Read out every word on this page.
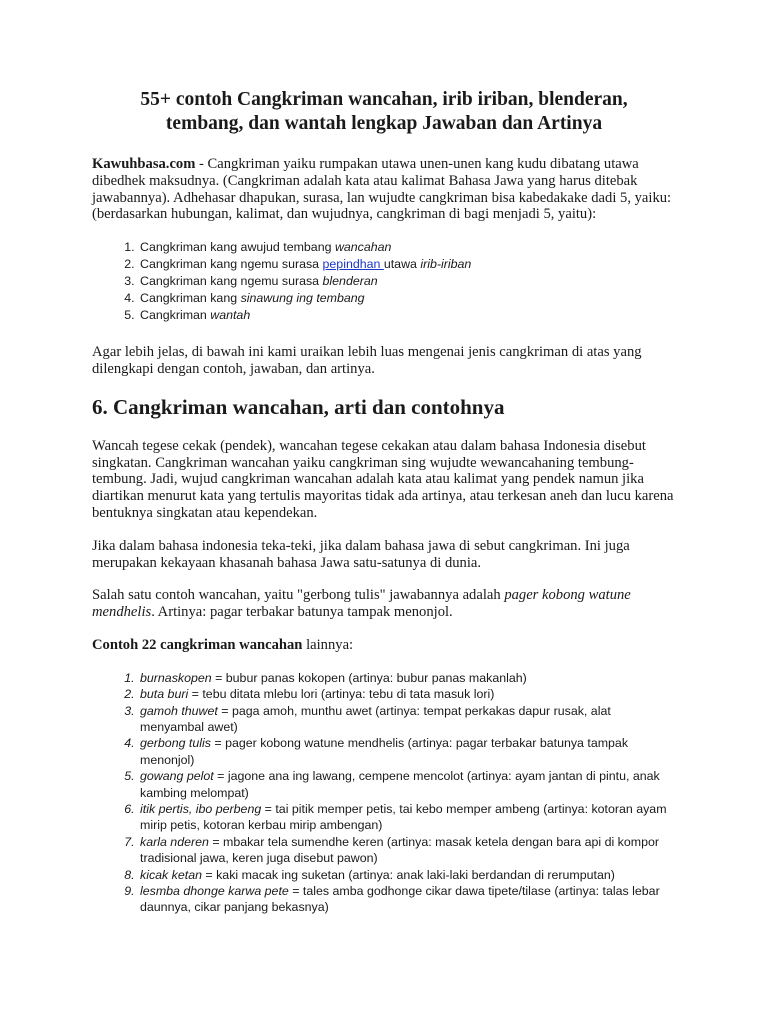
55+ contoh Cangkriman wancahan, irib iriban, blenderan,
tembang, dan wantah lengkap Jawaban dan Artinya

Kawuhbasa.com - Cangkriman yaiku rumpakan utawa unen-unen kang kudu dibatang utawa dibedhek maksudnya. (Cangkriman adalah kata atau kalimat Bahasa Jawa yang harus ditebak jawabannya). Adhehasar dhapukan, surasa, lan wujudte cangkriman bisa kabedakake dadi 5, yaiku: (berdasarkan hubungan, kalimat, dan wujudnya, cangkriman di bagi menjadi 5, yaitu):

1. Cangkriman kang awujud tembang wancahan
2. Cangkriman kang ngemu surasa pepindhan utawa irib-iriban
3. Cangkriman kang ngemu surasa blenderan
4. Cangkriman kang sinawung ing tembang
5. Cangkriman wantah

Agar lebih jelas, di bawah ini kami uraikan lebih luas mengenai jenis cangkriman di atas yang dilengkapi dengan contoh, jawaban, dan artinya.

6. Cangkriman wancahan, arti dan contohnya

Wancah tegese cekak (pendek), wancahan tegese cekakan atau dalam bahasa Indonesia disebut singkatan. Cangkriman wancahan yaiku cangkriman sing wujudte wewancahaning tembung-tembung. Jadi, wujud cangkriman wancahan adalah kata atau kalimat yang pendek namun jika diartikan menurut kata yang tertulis mayoritas tidak ada artinya, atau terkesan aneh dan lucu karena bentuknya singkatan atau kependekan.

Jika dalam bahasa indonesia teka-teki, jika dalam bahasa jawa di sebut cangkriman. Ini juga merupakan kekayaan khasanah bahasa Jawa satu-satunya di dunia.

Salah satu contoh wancahan, yaitu "gerbong tulis" jawabannya adalah pager kobong watune mendhelis. Artinya: pagar terbakar batunya tampak menonjol.

Contoh 22 cangkriman wancahan lainnya:

1. burnaskopen = bubur panas kokopen (artinya: bubur panas makanlah)
2. buta buri = tebu ditata mlebu lori (artinya: tebu di tata masuk lori)
3. gamoh thuwet = paga amoh, munthu awet (artinya: tempat perkakas dapur rusak, alat menyambal awet)
4. gerbong tulis = pager kobong watune mendhelis (artinya: pagar terbakar batunya tampak menonjol)
5. gowang pelot = jagone ana ing lawang, cempene mencolot (artinya: ayam jantan di pintu, anak kambing melompat)
6. itik pertis, ibo perbeng = tai pitik memper petis, tai kebo memper ambeng (artinya: kotoran ayam mirip petis, kotoran kerbau mirip ambengan)
7. karla nderen = mbakar tela sumendhe keren (artinya: masak ketela dengan bara api di kompor tradisional jawa, keren juga disebut pawon)
8. kicak ketan = kaki macak ing suketan (artinya: anak laki-laki berdandan di rerumputan)
9. lesmba dhonge karwa pete = tales amba godhonge cikar dawa tipete/tilase (artinya: talas lebar daunnya, cikar panjang bekasnya)
